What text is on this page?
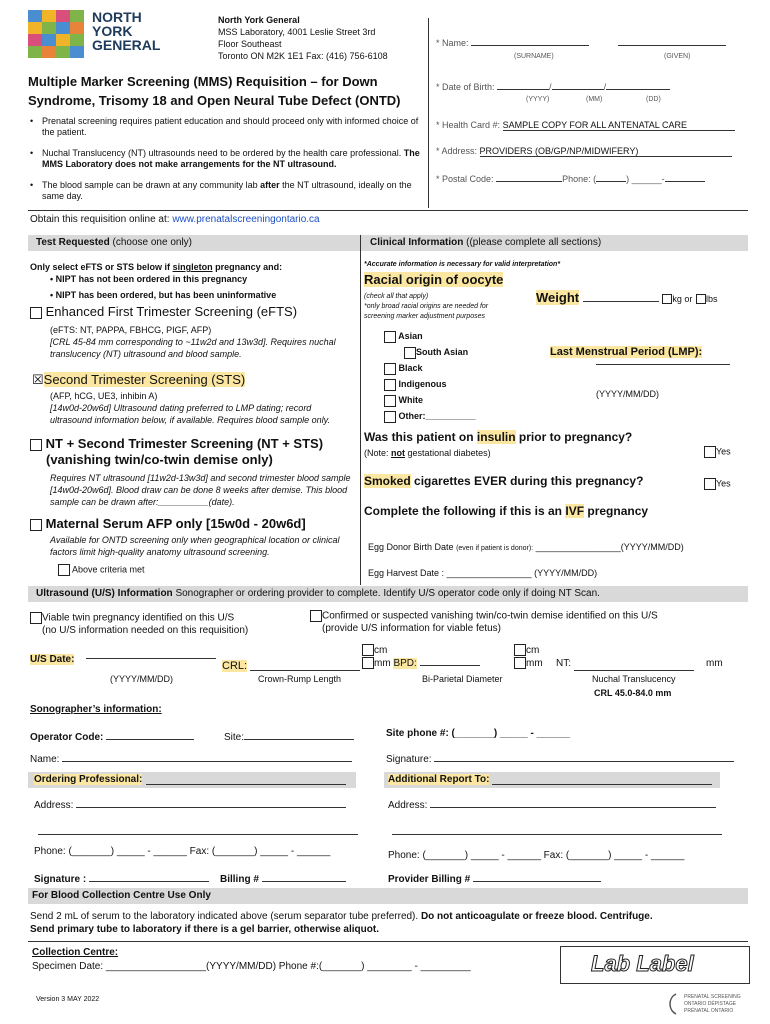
NORTH
YORK
GENERAL
North York General
MSS Laboratory, 4001 Leslie Street 3rd
Floor Southeast
Toronto ON M2K 1E1 Fax: (416) 756-6108
Multiple Marker Screening (MMS) Requisition – for Down
Syndrome, Trisomy 18 and Open Neural Tube Defect (ONTD)
* Name:
(SURNAME)	(GIVEN)
* Date of Birth:	/	/
(YYYY)	(MM)	(DD)
* Health Card #: SAMPLE COPY FOR ALL ANTENATAL CARE
* Address: PROVIDERS (OB/GP/NP/MIDWIFERY)
* Postal Code:	Phone: (	) ______-
• Prenatal screening requires patient education and should proceed only with informed choice of the patient.
• Nuchal Translucency (NT) ultrasounds need to be ordered by the health care professional. The MMS Laboratory does not make arrangements for the NT ultrasound.
• The blood sample can be drawn at any community lab after the NT ultrasound, ideally on the same day.
Obtain this requisition online at: www.prenatalscreeningontario.ca
Test Requested (choose one only)	Clinical Information ((please complete all sections)
Only select eFTS or STS below if singleton pregnancy and:
• NIPT has not been ordered in this pregnancy
• NIPT has been ordered, but has been uninformative
Enhanced First Trimester Screening (eFTS)
(eFTS: NT, PAPPA, FBHCG, PIGF, AFP)
[CRL 45-84 mm corresponding to ~11w2d and 13w3d]. Requires nuchal translucency (NT) ultrasound and blood sample.
☒Second Trimester Screening (STS)
(AFP, hCG, UE3, inhibin A)
[14w0d-20w6d] Ultrasound dating preferred to LMP dating; record ultrasound information below, if available. Requires blood sample only.
NT + Second Trimester Screening (NT + STS)
(vanishing twin/co-twin demise only)
Requires NT ultrasound [11w2d-13w3d] and second trimester blood sample [14w0d-20w6d]. Blood draw can be done 8 weeks after demise. This blood sample can be drawn after:__________(date).
Maternal Serum AFP only [15w0d - 20w6d]
Available for ONTD screening only when geographical location or clinical factors limit high-quality anatomy ultrasound screening.
Above criteria met
*Accurate information is necessary for valid interpretation*
Racial origin of oocyte
(check all that apply)
*only broad racial origins are needed for screening marker adjustment purposes
Asian
South Asian
Black
Indigenous
White
Other:__________
Weight	kg or lbs
Last Menstrual Period (LMP):
(YYYY/MM/DD)
Was this patient on insulin prior to pregnancy?
(Note: not gestational diabetes)	Yes
Smoked cigarettes EVER during this pregnancy?	Yes
Complete the following if this is an IVF pregnancy
Egg Donor Birth Date (even if patient is donor): _________________(YYYY/MM/DD)
Egg Harvest Date : _________________ (YYYY/MM/DD)
Ultrasound (U/S) Information Sonographer or ordering provider to complete. Identify U/S operator code only if doing NT Scan.
Viable twin pregnancy identified on this U/S
(no U/S information needed on this requisition)
Confirmed or suspected vanishing twin/co-twin demise identified on this U/S
(provide U/S information for viable fetus)
U/S Date:
(YYYY/MM/DD)
CRL:
Crown-Rump Length
cm
mm BPD:
Bi-Parietal Diameter
cm
mm NT:	mm
Nuchal Translucency
CRL 45.0-84.0 mm
Sonographer’s information:
Operator Code:	Site:	Site phone #: (_______) _____ - ______
Name:	Signature:
Ordering Professional:	Additional Report To:
Address:
Phone: (_______) _____ - ______ Fax: (_______) _____ - ______
Signature :	Billing #
Address:
Phone: (_______) _____ - ______ Fax: (_______) _____ - ______
Provider Billing #
For Blood Collection Centre Use Only
Send 2 mL of serum to the laboratory indicated above (serum separator tube preferred). Do not anticoagulate or freeze blood. Centrifuge.
Send primary tube to laboratory if there is a gel barrier, otherwise aliquot.
Collection Centre:
Specimen Date: __________________(YYYY/MM/DD) Phone #:(_______) ________ - _________	Lab Label
Version 3 MAY 2022	PRENATAL SCREENING
ONTARIO DÉPISTAGE
PRÉNATAL ONTARIO
